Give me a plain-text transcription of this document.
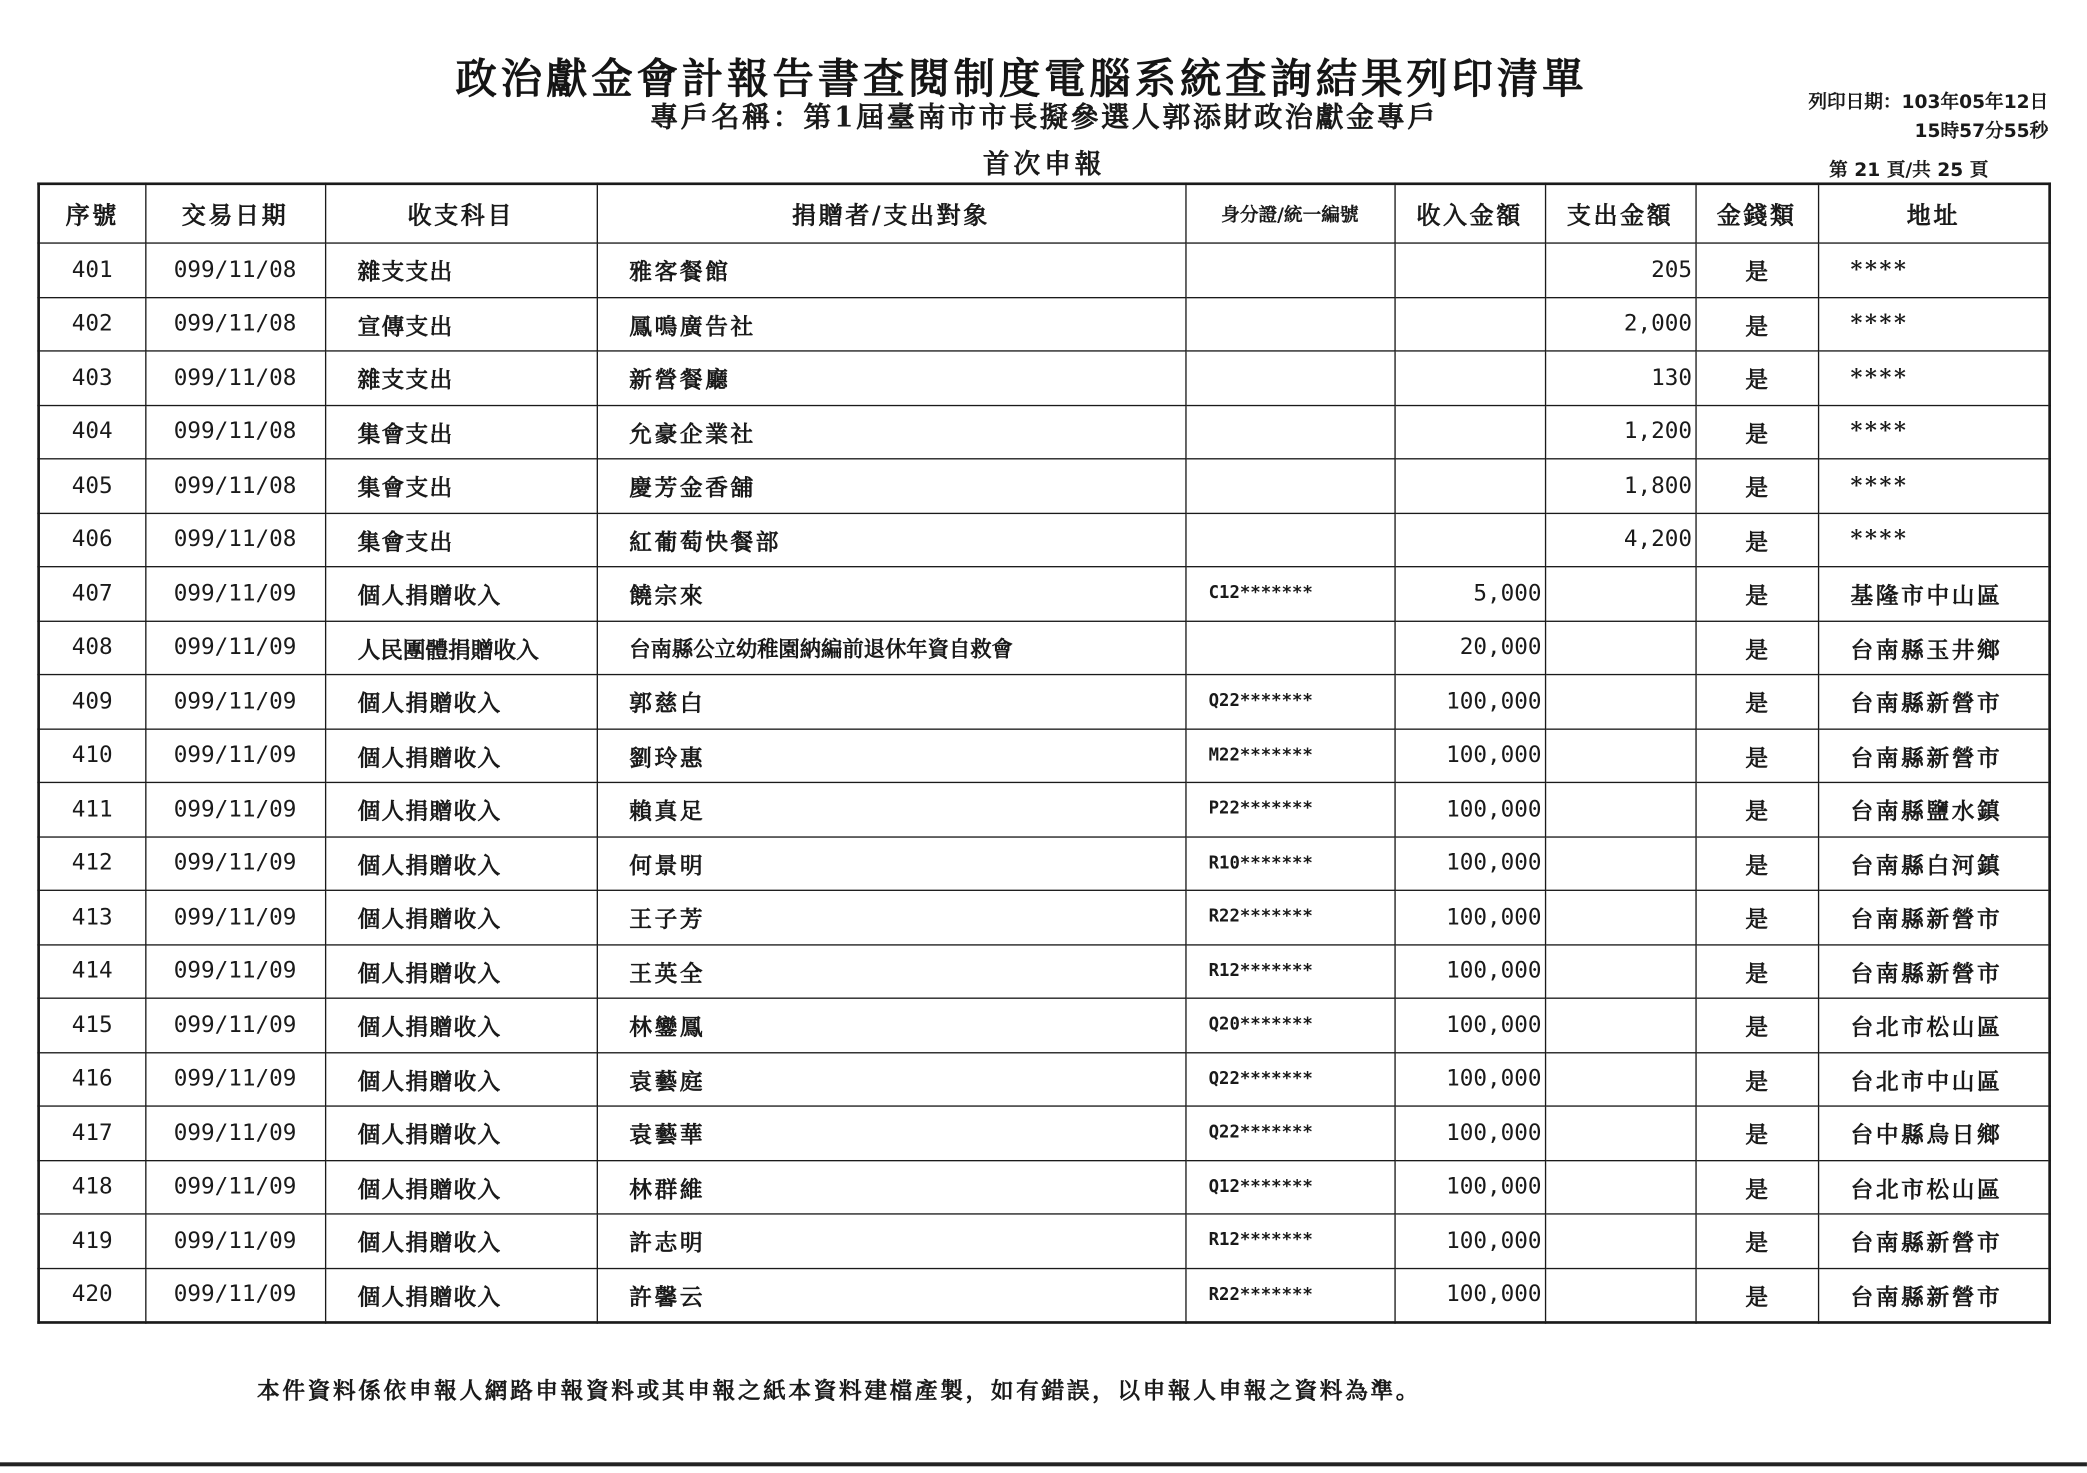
政治獻金會計報告書查閱制度電腦系統查詢結果列印清單
專戶名稱：第1屆臺南市市長擬參選人郭添財政治獻金專戶
首次申報
列印日期：103年05年12日
15時57分55秒
第 21 頁/共 25 頁
序號	交易日期	收支科目	捐贈者/支出對象	身分證/統一編號	收入金額	支出金額	金錢類	地址
401	099/11/08	雜支支出	雅客餐館			205	是	****
402	099/11/08	宣傳支出	鳳鳴廣告社			2,000	是	****
403	099/11/08	雜支支出	新營餐廳			130	是	****
404	099/11/08	集會支出	允豪企業社			1,200	是	****
405	099/11/08	集會支出	慶芳金香舖			1,800	是	****
406	099/11/08	集會支出	紅葡萄快餐部			4,200	是	****
407	099/11/09	個人捐贈收入	饒宗來	C12*******	5,000		是	基隆市中山區
408	099/11/09	人民團體捐贈收入	台南縣公立幼稚園納編前退休年資自救會		20,000		是	台南縣玉井鄉
409	099/11/09	個人捐贈收入	郭慈白	Q22*******	100,000		是	台南縣新營市
410	099/11/09	個人捐贈收入	劉玲惠	M22*******	100,000		是	台南縣新營市
411	099/11/09	個人捐贈收入	賴真足	P22*******	100,000		是	台南縣鹽水鎮
412	099/11/09	個人捐贈收入	何景明	R10*******	100,000		是	台南縣白河鎮
413	099/11/09	個人捐贈收入	王子芳	R22*******	100,000		是	台南縣新營市
414	099/11/09	個人捐贈收入	王英全	R12*******	100,000		是	台南縣新營市
415	099/11/09	個人捐贈收入	林鑾鳳	Q20*******	100,000		是	台北市松山區
416	099/11/09	個人捐贈收入	袁藝庭	Q22*******	100,000		是	台北市中山區
417	099/11/09	個人捐贈收入	袁藝華	Q22*******	100,000		是	台中縣烏日鄉
418	099/11/09	個人捐贈收入	林群維	Q12*******	100,000		是	台北市松山區
419	099/11/09	個人捐贈收入	許志明	R12*******	100,000		是	台南縣新營市
420	099/11/09	個人捐贈收入	許馨云	R22*******	100,000		是	台南縣新營市
本件資料係依申報人網路申報資料或其申報之紙本資料建檔產製，如有錯誤，以申報人申報之資料為準。
